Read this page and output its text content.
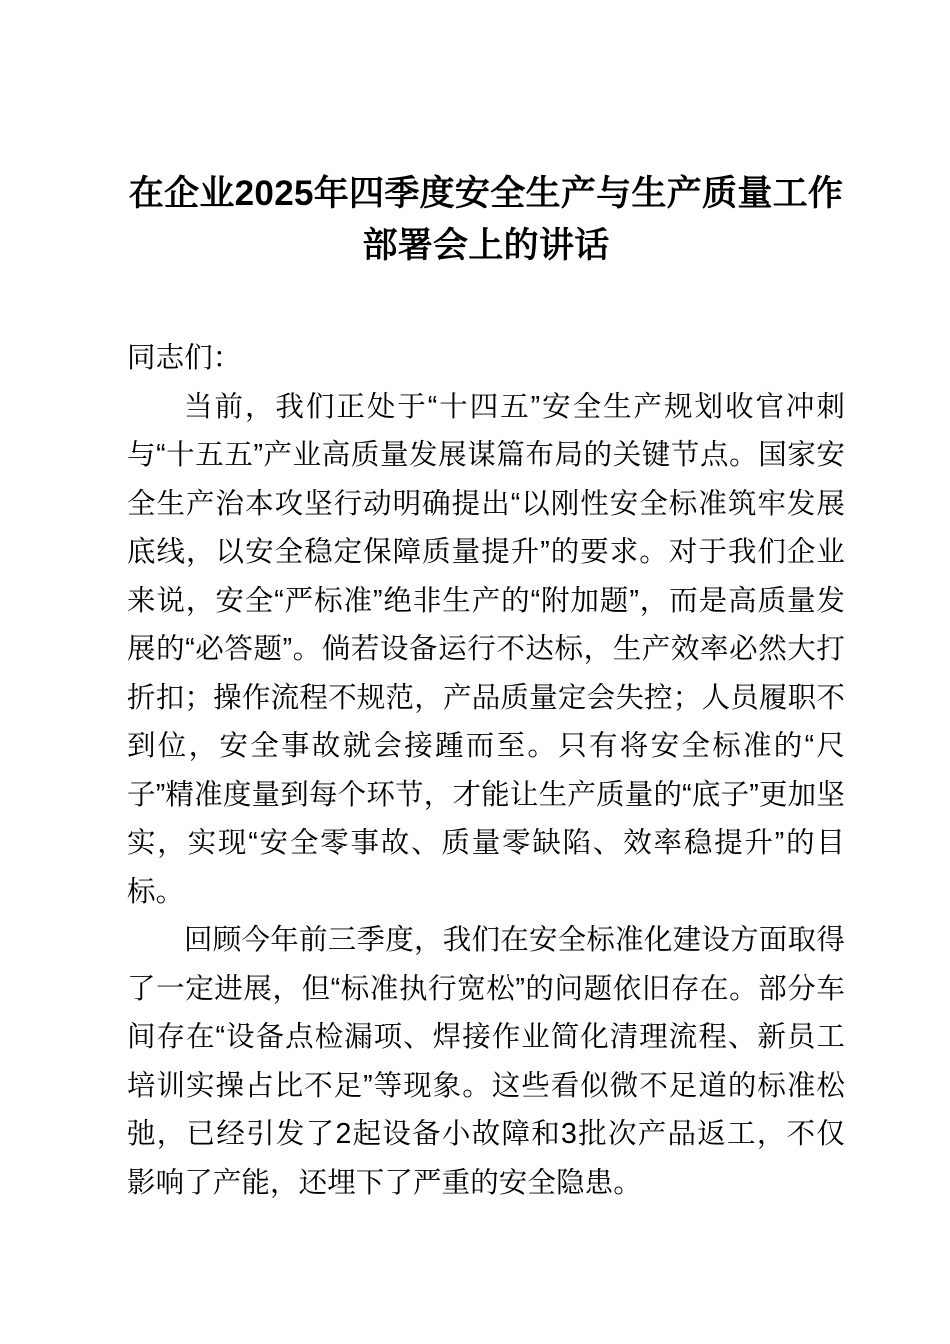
在企业2025年四季度安全生产与生产质量工作部署会上的讲话

同志们：

当前，我们正处于“十四五”安全生产规划收官冲刺与“十五五”产业高质量发展谋篇布局的关键节点。国家安全生产治本攻坚行动明确提出“以刚性安全标准筑牢发展底线，以安全稳定保障质量提升”的要求。对于我们企业来说，安全“严标准”绝非生产的“附加题”，而是高质量发展的“必答题”。倘若设备运行不达标，生产效率必然大打折扣；操作流程不规范，产品质量定会失控；人员履职不到位，安全事故就会接踵而至。只有将安全标准的“尺子”精准度量到每个环节，才能让生产质量的“底子”更加坚实，实现“安全零事故、质量零缺陷、效率稳提升”的目标。

回顾今年前三季度，我们在安全标准化建设方面取得了一定进展，但“标准执行宽松”的问题依旧存在。部分车间存在“设备点检漏项、焊接作业简化清理流程、新员工培训实操占比不足”等现象。这些看似微不足道的标准松弛，已经引发了2起设备小故障和3批次产品返工，不仅影响了产能，还埋下了严重的安全隐患。
